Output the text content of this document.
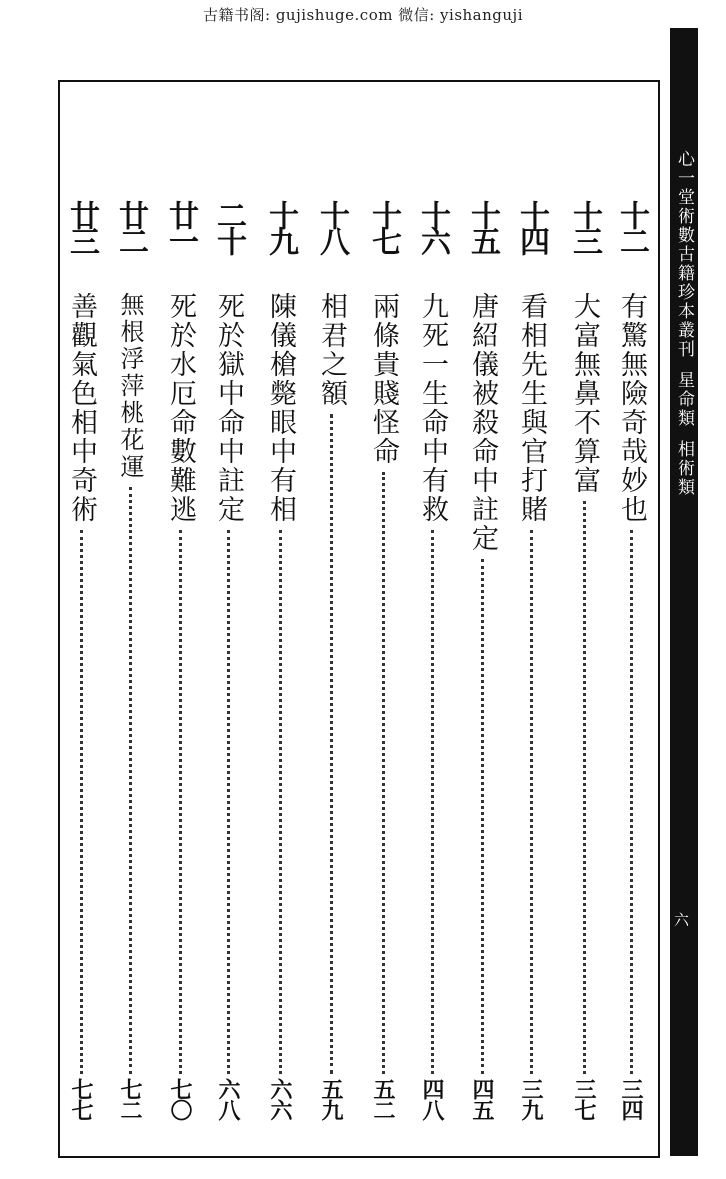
古籍书阁: gujishuge.com 微信: yishanguji
心一堂術數古籍珍本叢刊星命類相術類
六
十二
有驚無險奇哉妙也
三四
十三
大富無鼻不算富
三七
十四
看相先生與官打賭
三九
十五
唐紹儀被殺命中註定
四五
十六
九死一生命中有救
四八
十七
兩條貴賤怪命
五二
十八
相君之額
五九
十九
陳儀槍斃眼中有相
六六
二十
死於獄中命中註定
六八
廿一
死於水厄命數難逃
七〇
廿二
無根浮萍桃花運
七二
廿三
善觀氣色相中奇術
七七
